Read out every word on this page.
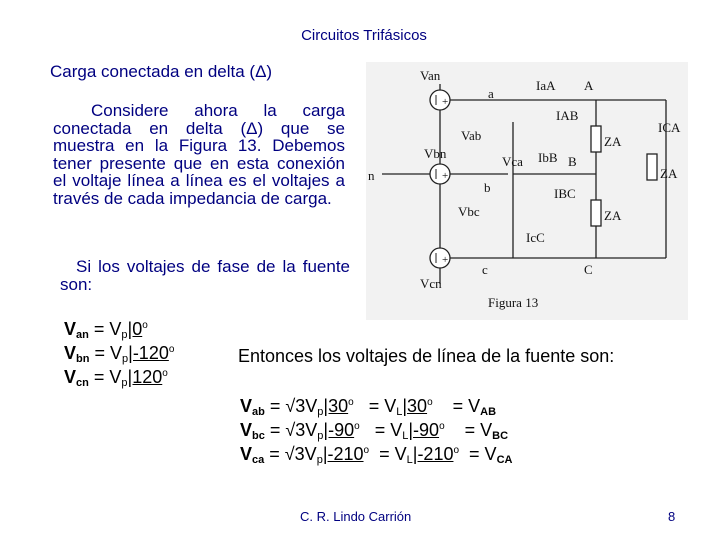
Circuitos Trifásicos
Carga conectada en delta (Δ)
Considere ahora la carga conectada en delta (Δ) que se muestra en la Figura 13. Debemos tener presente que en esta conexión el voltaje línea a línea es el voltajes a través de cada impedancia de carga.
Si los voltajes de fase de la fuente son:
$V_{an} = V_p|0^o$
$V_{bn} = V_p|-120^o$
$V_{cn} = V_p|120^o$
Entonces los voltajes de línea de la fuente son:
$V_{ab} = √3V_p|30^o = V_L|30^o = V_{AB}$
$V_{bc} = √3V_p|-90^o = V_L|-90^o = V_{BC}$
$V_{ca} = √3V_p|-210^o = V_L|-210^o = V_{CA}$
+
+
+
Van
Vbn
Vcn
Vab
Vbc
Vca
a
b
c
n
A
B
C
IaA
IbB
IcC
IAB
IBC
ICA
ZA
ZA
ZA
Figura 13
C. R. Lindo Carrión	8
